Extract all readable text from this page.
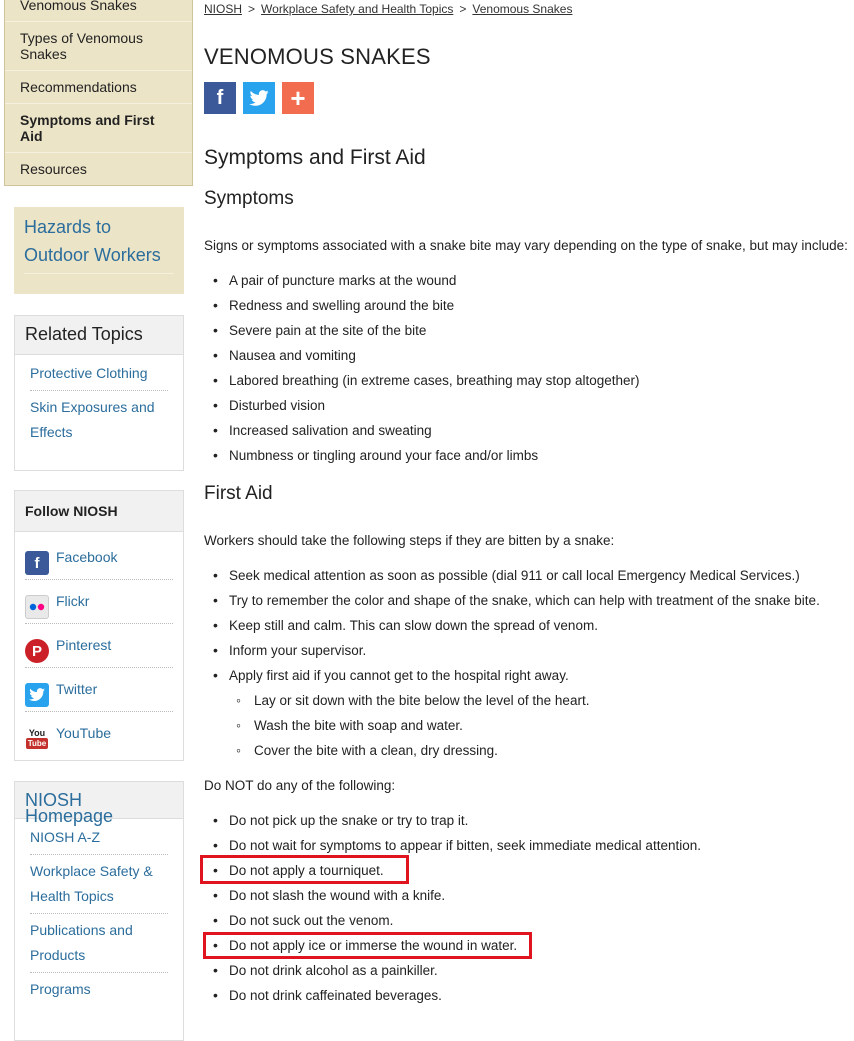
Venomous Snakes
Types of Venomous Snakes
Recommendations
Symptoms and First Aid
Resources
Hazards to Outdoor Workers
Related Topics
Protective Clothing
Skin Exposures and Effects
Follow NIOSH
f	Facebook
Flickr
P	Pinterest
Twitter
You
Tube
YouTube
NIOSH Homepage
NIOSH A-Z
Workplace Safety & Health Topics
Publications and Products
Programs
NIOSH > Workplace Safety and Health Topics > Venomous Snakes
VENOMOUS SNAKES
f	+
Symptoms and First Aid
Symptoms

Signs or symptoms associated with a snake bite may vary depending on the type of snake, but may include:

• A pair of puncture marks at the wound
• Redness and swelling around the bite
• Severe pain at the site of the bite
• Nausea and vomiting
• Labored breathing (in extreme cases, breathing may stop altogether)
• Disturbed vision
• Increased salivation and sweating
• Numbness or tingling around your face and/or limbs
First Aid

Workers should take the following steps if they are bitten by a snake:

• Seek medical attention as soon as possible (dial 911 or call local Emergency Medical Services.)
• Try to remember the color and shape of the snake, which can help with treatment of the snake bite.
• Keep still and calm. This can slow down the spread of venom.
• Inform your supervisor.
• Apply first aid if you cannot get to the hospital right away.
◦ Lay or sit down with the bite below the level of the heart.
◦ Wash the bite with soap and water.
◦ Cover the bite with a clean, dry dressing.

Do NOT do any of the following:

• Do not pick up the snake or try to trap it.
• Do not wait for symptoms to appear if bitten, seek immediate medical attention.
• Do not apply a tourniquet.
• Do not slash the wound with a knife.
• Do not suck out the venom.
• Do not apply ice or immerse the wound in water.
• Do not drink alcohol as a painkiller.
• Do not drink caffeinated beverages.
